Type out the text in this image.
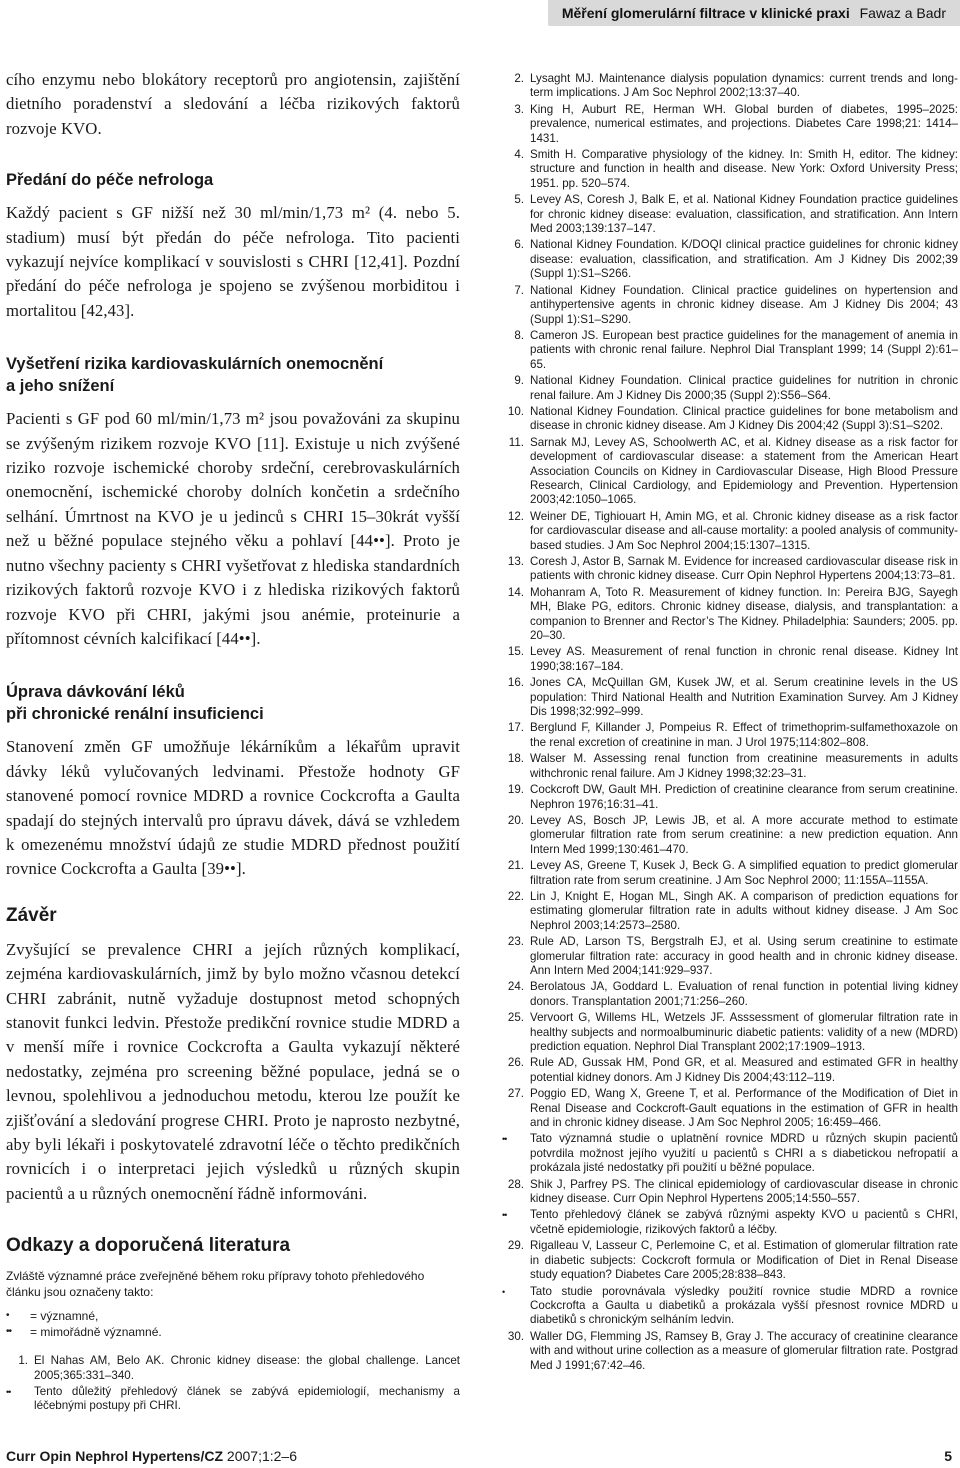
Měření glomerulární filtrace v klinické praxi Fawaz a Badr

cího enzymu nebo blokátory receptorů pro angiotensin, zajištění dietního poradenství a sledování a léčba rizikových faktorů rozvoje KVO.

Předání do péče nefrologa

Každý pacient s GF nižší než 30 ml/min/1,73 m² (4. nebo 5. stadium) musí být předán do péče nefrologa. Tito pacienti vykazují nejvíce komplikací v souvislosti s CHRI [12,41]. Pozdní předání do péče nefrologa je spojeno se zvýšenou morbiditou i mortalitou [42,43].

Vyšetření rizika kardiovaskulárních onemocnění
a jeho snížení

Pacienti s GF pod 60 ml/min/1,73 m² jsou považováni za skupinu se zvýšeným rizikem rozvoje KVO [11]. Existuje u nich zvýšené riziko rozvoje ischemické choroby srdeční, cerebrovaskulárních onemocnění, ischemické choroby dolních končetin a srdečního selhání. Úmrtnost na KVO je u jedinců s CHRI 15–30krát vyšší než u běžné populace stejného věku a pohlaví [44••]. Proto je nutno všechny pacienty s CHRI vyšetřovat z hlediska standardních rizikových faktorů rozvoje KVO i z hlediska rizikových faktorů rozvoje KVO při CHRI, jakými jsou anémie, proteinurie a přítomnost cévních kalcifikací [44••].

Úprava dávkování léků
při chronické renální insuficienci

Stanovení změn GF umožňuje lékárníkům a lékařům upravit dávky léků vylučovaných ledvinami. Přestože hodnoty GF stanovené pomocí rovnice MDRD a rovnice Cockcrofta a Gaulta spadají do stejných intervalů pro úpravu dávek, dává se vzhledem k omezenému množství údajů ze studie MDRD přednost použití rovnice Cockcrofta a Gaulta [39••].

Závěr

Zvyšující se prevalence CHRI a jejích různých komplikací, zejména kardiovaskulárních, jimž by bylo možno včasnou detekcí CHRI zabránit, nutně vyžaduje dostupnost metod schopných stanovit funkci ledvin. Přestože predikční rovnice studie MDRD a v menší míře i rovnice Cockcrofta a Gaulta vykazují některé nedostatky, zejména pro screening běžné populace, jedná se o levnou, spolehlivou a jednoduchou metodu, kterou lze použít ke zjišťování a sledování progrese CHRI. Proto je naprosto nezbytné, aby byli lékaři i poskytovatelé zdravotní léče o těchto predikčních rovnicích i o interpretaci jejich výsledků u různých skupin pacientů a u různých onemocnění řádně informováni.

Odkazy a doporučená literatura
Zvláště významné práce zveřejněné během roku přípravy tohoto přehledového článku jsou označeny takto:
•	= významné,
••	= mimořádně významné.
1. El Nahas AM, Belo AK. Chronic kidney disease: the global challenge. Lancet 2005;365:331–340.
••	Tento důležitý přehledový článek se zabývá epidemiologií, mechanismy a léčebnými postupy při CHRI.
2. Lysaght MJ. Maintenance dialysis population dynamics: current trends and long-term implications. J Am Soc Nephrol 2002;13:37–40.
3. King H, Auburt RE, Herman WH. Global burden of diabetes, 1995–2025: prevalence, numerical estimates, and projections. Diabetes Care 1998;21: 1414–1431.
4. Smith H. Comparative physiology of the kidney. In: Smith H, editor. The kidney: structure and function in health and disease. New York: Oxford University Press; 1951. pp. 520–574.
5. Levey AS, Coresh J, Balk E, et al. National Kidney Foundation practice guidelines for chronic kidney disease: evaluation, classification, and stratification. Ann Intern Med 2003;139:137–147.
6. National Kidney Foundation. K/DOQI clinical practice guidelines for chronic kidney disease: evaluation, classification, and stratification. Am J Kidney Dis 2002;39 (Suppl 1):S1–S266.
7. National Kidney Foundation. Clinical practice guidelines on hypertension and antihypertensive agents in chronic kidney disease. Am J Kidney Dis 2004; 43 (Suppl 1):S1–S290.
8. Cameron JS. European best practice guidelines for the management of anemia in patients with chronic renal failure. Nephrol Dial Transplant 1999; 14 (Suppl 2):61–65.
9. National Kidney Foundation. Clinical practice guidelines for nutrition in chronic renal failure. Am J Kidney Dis 2000;35 (Suppl 2):S56–S64.
10. National Kidney Foundation. Clinical practice guidelines for bone metabolism and disease in chronic kidney disease. Am J Kidney Dis 2004;42 (Suppl 3):S1–S202.
11. Sarnak MJ, Levey AS, Schoolwerth AC, et al. Kidney disease as a risk factor for development of cardiovascular disease: a statement from the American Heart Association Councils on Kidney in Cardiovascular Disease, High Blood Pressure Research, Clinical Cardiology, and Epidemiology and Prevention. Hypertension 2003;42:1050–1065.
12. Weiner DE, Tighiouart H, Amin MG, et al. Chronic kidney disease as a risk factor for cardiovascular disease and all-cause mortality: a pooled analysis of community-based studies. J Am Soc Nephrol 2004;15:1307–1315.
13. Coresh J, Astor B, Sarnak M. Evidence for increased cardiovascular disease risk in patients with chronic kidney disease. Curr Opin Nephrol Hypertens 2004;13:73–81.
14. Mohanram A, Toto R. Measurement of kidney function. In: Pereira BJG, Sayegh MH, Blake PG, editors. Chronic kidney disease, dialysis, and transplantation: a companion to Brenner and Rector’s The Kidney. Philadelphia: Saunders; 2005. pp. 20–30.
15. Levey AS. Measurement of renal function in chronic renal disease. Kidney Int 1990;38:167–184.
16. Jones CA, McQuillan GM, Kusek JW, et al. Serum creatinine levels in the US population: Third National Health and Nutrition Examination Survey. Am J Kidney Dis 1998;32:992–999.
17. Berglund F, Killander J, Pompeius R. Effect of trimethoprim-sulfamethoxazole on the renal excretion of creatinine in man. J Urol 1975;114:802–808.
18. Walser M. Assessing renal function from creatinine measurements in adults withchronic renal failure. Am J Kidney 1998;32:23–31.
19. Cockcroft DW, Gault MH. Prediction of creatinine clearance from serum creatinine. Nephron 1976;16:31–41.
20. Levey AS, Bosch JP, Lewis JB, et al. A more accurate method to estimate glomerular filtration rate from serum creatinine: a new prediction equation. Ann Intern Med 1999;130:461–470.
21. Levey AS, Greene T, Kusek J, Beck G. A simplified equation to predict glomerular filtration rate from serum creatinine. J Am Soc Nephrol 2000; 11:155A–1155A.
22. Lin J, Knight E, Hogan ML, Singh AK. A comparison of prediction equations for estimating glomerular filtration rate in adults without kidney disease. J Am Soc Nephrol 2003;14:2573–2580.
23. Rule AD, Larson TS, Bergstralh EJ, et al. Using serum creatinine to estimate glomerular filtration rate: accuracy in good health and in chronic kidney disease. Ann Intern Med 2004;141:929–937.
24. Berolatous JA, Goddard L. Evaluation of renal function in potential living kidney donors. Transplantation 2001;71:256–260.
25. Vervoort G, Willems HL, Wetzels JF. Asssessment of glomerular filtration rate in healthy subjects and normoalbuminuric diabetic patients: validity of a new (MDRD) prediction equation. Nephrol Dial Transplant 2002;17:1909–1913.
26. Rule AD, Gussak HM, Pond GR, et al. Measured and estimated GFR in healthy potential kidney donors. Am J Kidney Dis 2004;43:112–119.
27. Poggio ED, Wang X, Greene T, et al. Performance of the Modification of Diet in Renal Disease and Cockcroft-Gault equations in the estimation of GFR in health and in chronic kidney disease. J Am Soc Nephrol 2005; 16:459–466.
••	Tato významná studie o uplatnění rovnice MDRD u různých skupin pacientů potvrdila možnost jejího využití u pacientů s CHRI a s diabetickou nefropatií a prokázala jisté nedostatky při použití u běžné populace.
28. Shik J, Parfrey PS. The clinical epidemiology of cardiovascular disease in chronic kidney disease. Curr Opin Nephrol Hypertens 2005;14:550–557.
••	Tento přehledový článek se zabývá různými aspekty KVO u pacientů s CHRI, včetně epidemiologie, rizikových faktorů a léčby.
29. Rigalleau V, Lasseur C, Perlemoine C, et al. Estimation of glomerular filtration rate in diabetic subjects: Cockcroft formula or Modification of Diet in Renal Disease study equation? Diabetes Care 2005;28:838–843.
•	Tato studie porovnávala výsledky použití rovnice studie MDRD a rovnice Cockcrofta a Gaulta u diabetiků a prokázala vyšší přesnost rovnice MDRD u diabetiků s chronickým selháním ledvin.
30. Waller DG, Flemming JS, Ramsey B, Gray J. The accuracy of creatinine clearance with and without urine collection as a measure of glomerular filtration rate. Postgrad Med J 1991;67:42–46.
Curr Opin Nephrol Hypertens/CZ 2007;1:2–6	5
